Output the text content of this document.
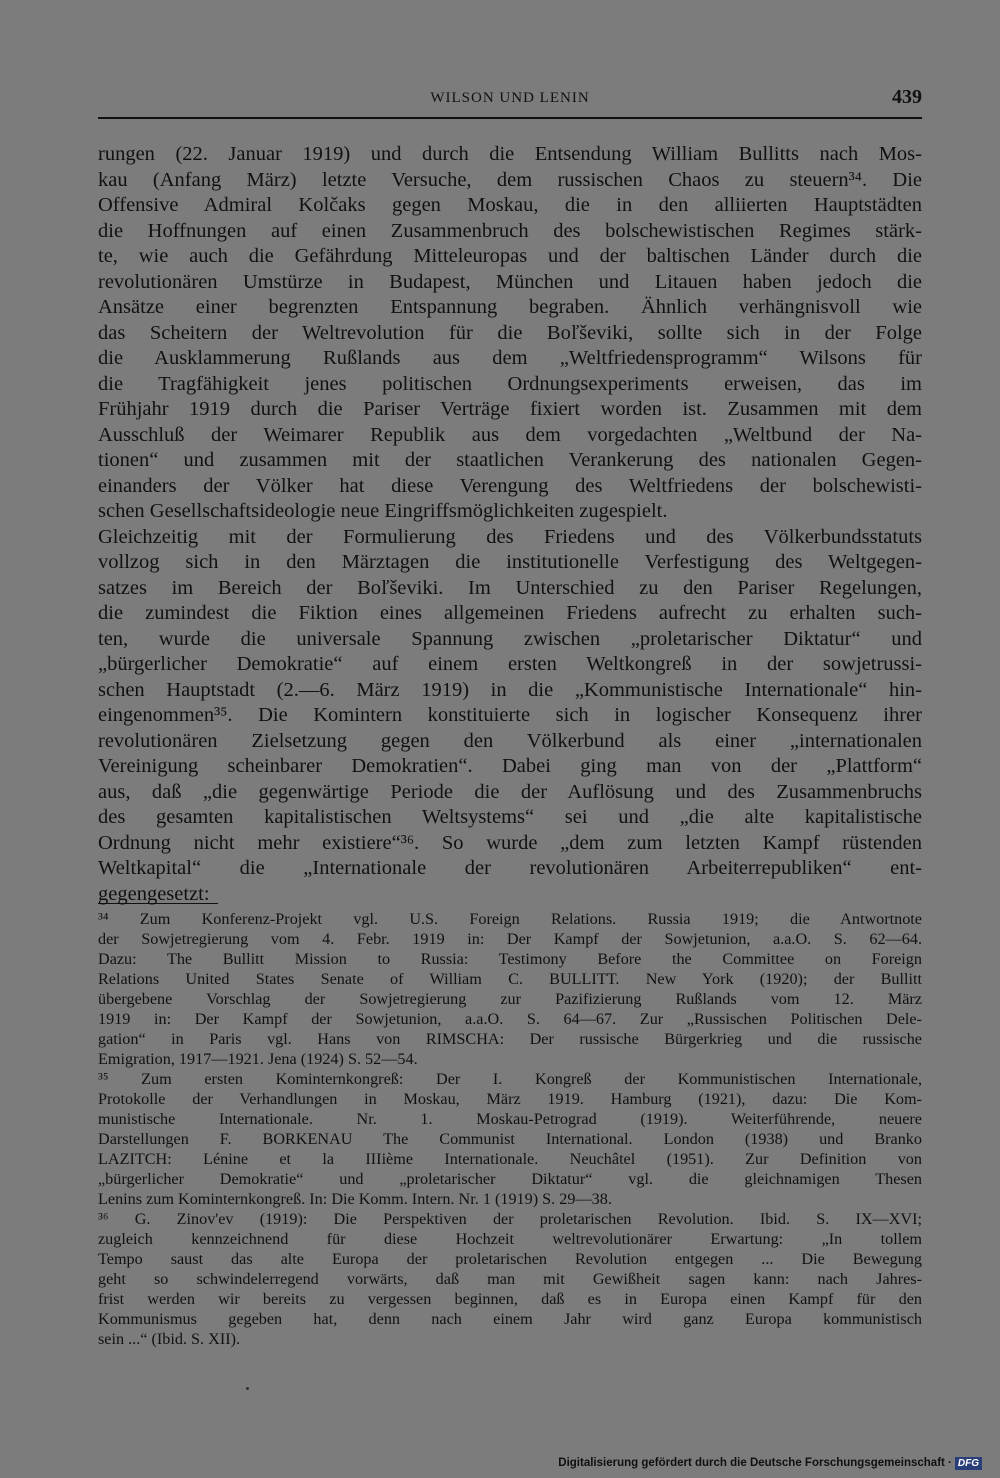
WILSON UND LENIN	439
rungen (22. Januar 1919) und durch die Entsendung William Bullitts nach Mos-
kau (Anfang März) letzte Versuche, dem russischen Chaos zu steuern³⁴. Die
Offensive Admiral Kolčaks gegen Moskau, die in den alliierten Hauptstädten
die Hoffnungen auf einen Zusammenbruch des bolschewistischen Regimes stärk-
te, wie auch die Gefährdung Mitteleuropas und der baltischen Länder durch die
revolutionären Umstürze in Budapest, München und Litauen haben jedoch die
Ansätze einer begrenzten Entspannung begraben. Ähnlich verhängnisvoll wie
das Scheitern der Weltrevolution für die Boľševiki, sollte sich in der Folge
die Ausklammerung Rußlands aus dem „Weltfriedensprogramm“ Wilsons für
die Tragfähigkeit jenes politischen Ordnungsexperiments erweisen, das im
Frühjahr 1919 durch die Pariser Verträge fixiert worden ist. Zusammen mit dem
Ausschluß der Weimarer Republik aus dem vorgedachten „Weltbund der Na-
tionen“ und zusammen mit der staatlichen Verankerung des nationalen Gegen-
einanders der Völker hat diese Verengung des Weltfriedens der bolschewisti-
schen Gesellschaftsideologie neue Eingriffsmöglichkeiten zugespielt.
Gleichzeitig mit der Formulierung des Friedens und des Völkerbundsstatuts
vollzog sich in den Märztagen die institutionelle Verfestigung des Weltgegen-
satzes im Bereich der Boľševiki. Im Unterschied zu den Pariser Regelungen,
die zumindest die Fiktion eines allgemeinen Friedens aufrecht zu erhalten such-
ten, wurde die universale Spannung zwischen „proletarischer Diktatur“ und
„bürgerlicher Demokratie“ auf einem ersten Weltkongreß in der sowjetrussi-
schen Hauptstadt (2.—6. März 1919) in die „Kommunistische Internationale“ hin-
eingenommen³⁵. Die Komintern konstituierte sich in logischer Konsequenz ihrer
revolutionären Zielsetzung gegen den Völkerbund als einer „internationalen
Vereinigung scheinbarer Demokratien“. Dabei ging man von der „Plattform“
aus, daß „die gegenwärtige Periode die der Auflösung und des Zusammenbruchs
des gesamten kapitalistischen Weltsystems“ sei und „die alte kapitalistische
Ordnung nicht mehr existiere“³⁶. So wurde „dem zum letzten Kampf rüstenden
Weltkapital“ die „Internationale der revolutionären Arbeiterrepubliken“ ent-
gegengesetzt:
³⁴ Zum Konferenz-Projekt vgl. U.S. Foreign Relations. Russia 1919; die Antwortnote
der Sowjetregierung vom 4. Febr. 1919 in: Der Kampf der Sowjetunion, a.a.O. S. 62—64.
Dazu: The Bullitt Mission to Russia: Testimony Before the Committee on Foreign
Relations United States Senate of William C. BULLITT. New York (1920); der Bullitt
übergebene Vorschlag der Sowjetregierung zur Pazifizierung Rußlands vom 12. März
1919 in: Der Kampf der Sowjetunion, a.a.O. S. 64—67. Zur „Russischen Politischen Dele-
gation“ in Paris vgl. Hans von RIMSCHA: Der russische Bürgerkrieg und die russische
Emigration, 1917—1921. Jena (1924) S. 52—54.
³⁵ Zum ersten Kominternkongreß: Der I. Kongreß der Kommunistischen Internationale,
Protokolle der Verhandlungen in Moskau, März 1919. Hamburg (1921), dazu: Die Kom-
munistische Internationale. Nr. 1. Moskau-Petrograd (1919). Weiterführende, neuere
Darstellungen F. BORKENAU The Communist International. London (1938) und Branko
LAZITCH: Lénine et la IIIième Internationale. Neuchâtel (1951). Zur Definition von
„bürgerlicher Demokratie“ und „proletarischer Diktatur“ vgl. die gleichnamigen Thesen
Lenins zum Kominternkongreß. In: Die Komm. Intern. Nr. 1 (1919) S. 29—38.
³⁶ G. Zinov'ev (1919): Die Perspektiven der proletarischen Revolution. Ibid. S. IX—XVI;
zugleich kennzeichnend für diese Hochzeit weltrevolutionärer Erwartung: „In tollem
Tempo saust das alte Europa der proletarischen Revolution entgegen ... Die Bewegung
geht so schwindelerregend vorwärts, daß man mit Gewißheit sagen kann: nach Jahres-
frist werden wir bereits zu vergessen beginnen, daß es in Europa einen Kampf für den
Kommunismus gegeben hat, denn nach einem Jahr wird ganz Europa kommunistisch
sein ...“ (Ibid. S. XII).
Digitalisierung gefördert durch die Deutsche Forschungsgemeinschaft · DFG
